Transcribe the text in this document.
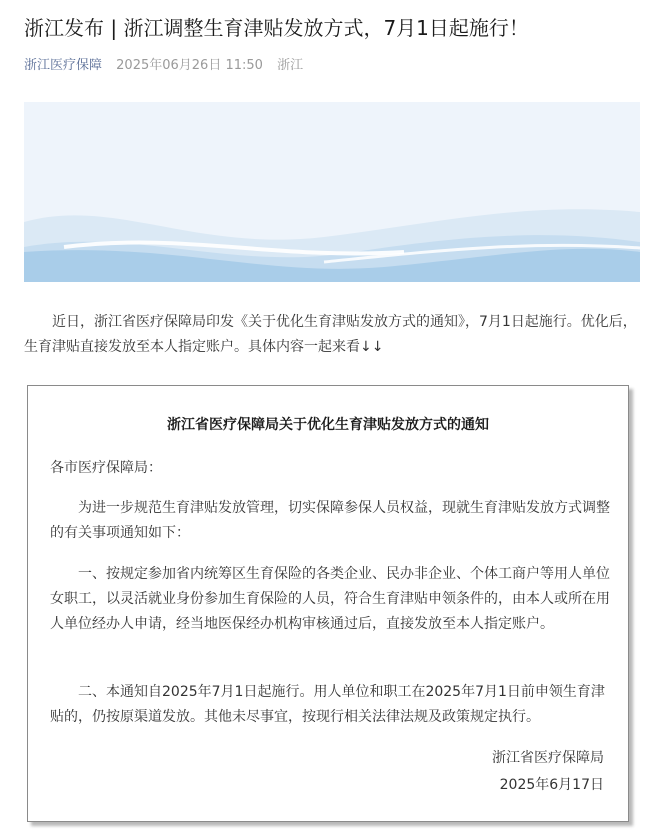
浙江发布 | 浙江调整生育津贴发放方式，7月1日起施行！
浙江医疗保障 2025年06月26日 11:50 浙江
近日，浙江省医疗保障局印发《关于优化生育津贴发放方式的通知》，7月1日起施行。优化后，生育津贴直接发放至本人指定账户。具体内容一起来看↓↓
浙江省医疗保障局关于优化生育津贴发放方式的通知
各市医疗保障局：
为进一步规范生育津贴发放管理，切实保障参保人员权益，现就生育津贴发放方式调整的有关事项通知如下：
一、按规定参加省内统筹区生育保险的各类企业、民办非企业、个体工商户等用人单位女职工，以灵活就业身份参加生育保险的人员，符合生育津贴申领条件的，由本人或所在用人单位经办人申请，经当地医保经办机构审核通过后，直接发放至本人指定账户。
二、本通知自2025年7月1日起施行。用人单位和职工在2025年7月1日前申领生育津贴的，仍按原渠道发放。其他未尽事宜，按现行相关法律法规及政策规定执行。
浙江省医疗保障局
2025年6月17日
